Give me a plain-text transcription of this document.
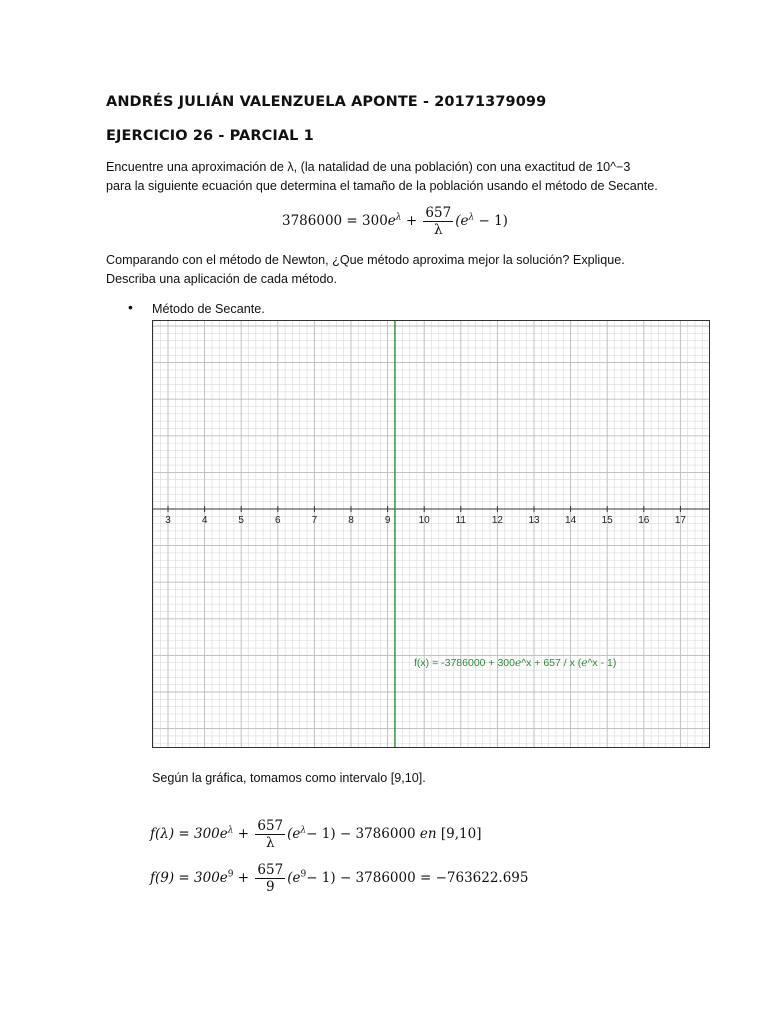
ANDRÉS JULIÁN VALENZUELA APONTE - 20171379099
EJERCICIO 26 - PARCIAL 1
Encuentre una aproximación de λ, (la natalidad de una población) con una exactitud de 10^−3
para la siguiente ecuación que determina el tamaño de la población usando el método de Secante.
$3786000 = 300e^\lambda + \frac{657}{\lambda} (e^\lambda - 1)$
Comparando con el método de Newton, ¿Que método aproxima mejor la solución? Explique.
Describa una aplicación de cada método.
• Método de Secante.
3	4	5	6	7	8	9	10	11	12	13	14	15	16	17
f(x) = -3786000 + 300ℯ^x + 657 / x (ℯ^x - 1)
Según la gráfica, tomamos como intervalo [9,10].
$f(\lambda) = 300e^\lambda + \frac{657}{\lambda} (e^\lambda- 1) - 3786000$ en [9,10]
$f(9) = 300e^9 + \frac{657}{9} (e^9- 1) - 3786000 = -763622.695$
